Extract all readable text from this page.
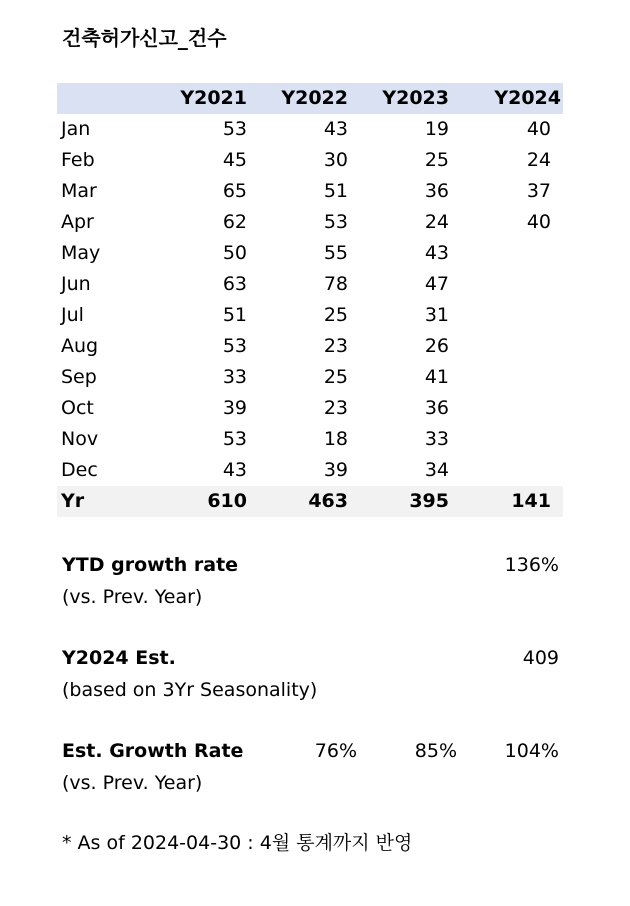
건축허가신고_건수
Y2021 Y2022 Y2023 Y2024
Jan	53	43	19	40
Feb	45	30	25	24
Mar	65	51	36	37
Apr	62	53	24	40
May	50	55	43
Jun	63	78	47
Jul	51	25	31
Aug	53	23	26
Sep	33	25	41
Oct	39	23	36
Nov	53	18	33
Dec	43	39	34
Yr	610	463	395	141
YTD growth rate	136%
(vs. Prev. Year)
Y2024 Est.	409
(based on 3Yr Seasonality)
Est. Growth Rate	76%	85%	104%
(vs. Prev. Year)
* As of 2024-04-30 : 4월 통계까지 반영
